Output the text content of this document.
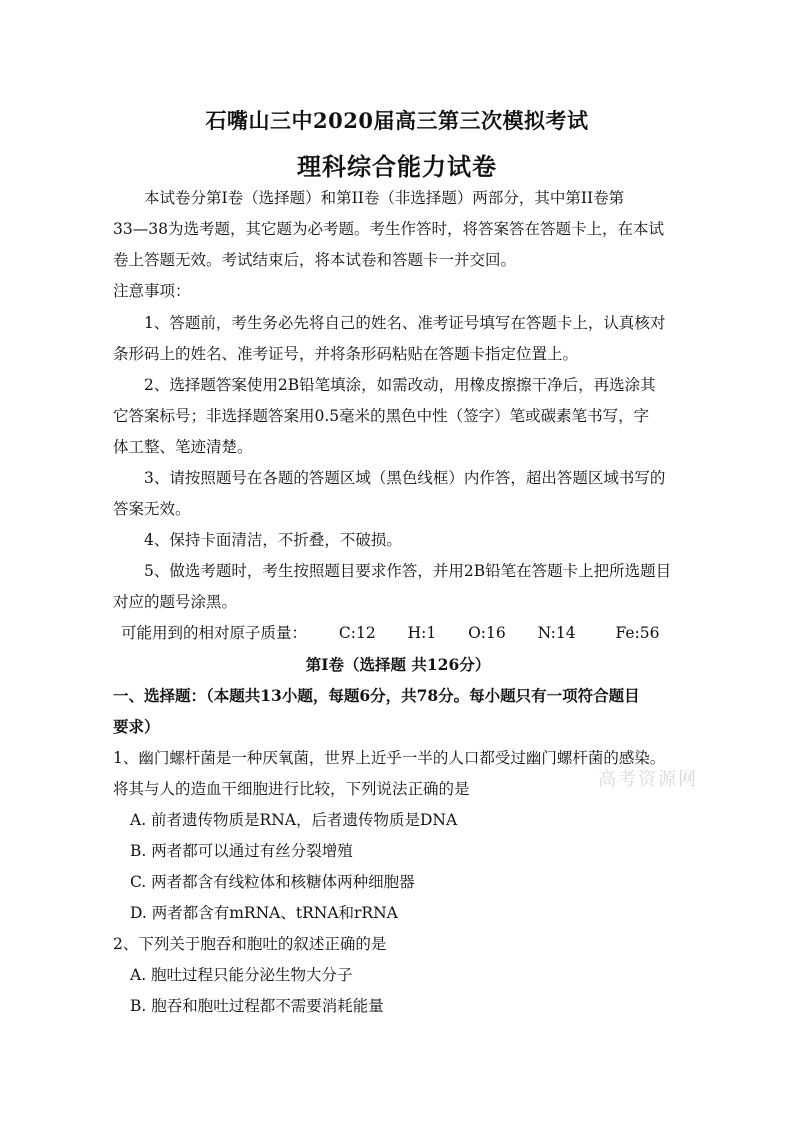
石嘴山三中2020届高三第三次模拟考试
理科综合能力试卷
　　本试卷分第I卷（选择题）和第II卷（非选择题）两部分，其中第II卷第
33—38为选考题，其它题为必考题。考生作答时，将答案答在答题卡上，在本试
卷上答题无效。考试结束后，将本试卷和答题卡一并交回。
注意事项：
　　1、答题前，考生务必先将自己的姓名、准考证号填写在答题卡上，认真核对
条形码上的姓名、准考证号，并将条形码粘贴在答题卡指定位置上。
　　2、选择题答案使用2B铅笔填涂，如需改动，用橡皮擦擦干净后，再选涂其
它答案标号；非选择题答案用0.5毫米的黑色中性（签字）笔或碳素笔书写，字
体工整、笔迹清楚。
　　3、请按照题号在各题的答题区域（黑色线框）内作答，超出答题区域书写的
答案无效。
　　4、保持卡面清洁，不折叠，不破损。
　　5、做选考题时，考生按照题目要求作答，并用2B铅笔在答题卡上把所选题目
对应的题号涂黑。
可能用到的相对原子质量： C:12 H:1 O:16 N:14	Fe:56
第I卷（选择题 共126分）
一、选择题：（本题共13小题，每题6分，共78分。每小题只有一项符合题目
要求）
1、幽门螺杆菌是一种厌氧菌，世界上近乎一半的人口都受过幽门螺杆菌的感染。
将其与人的造血干细胞进行比较，下列说法正确的是
A. 前者遗传物质是RNA，后者遗传物质是DNA
B. 两者都可以通过有丝分裂增殖
C. 两者都含有线粒体和核糖体两种细胞器
D. 两者都含有mRNA、tRNA和rRNA
2、下列关于胞吞和胞吐的叙述正确的是
A. 胞吐过程只能分泌生物大分子
B. 胞吞和胞吐过程都不需要消耗能量
高考资源网
